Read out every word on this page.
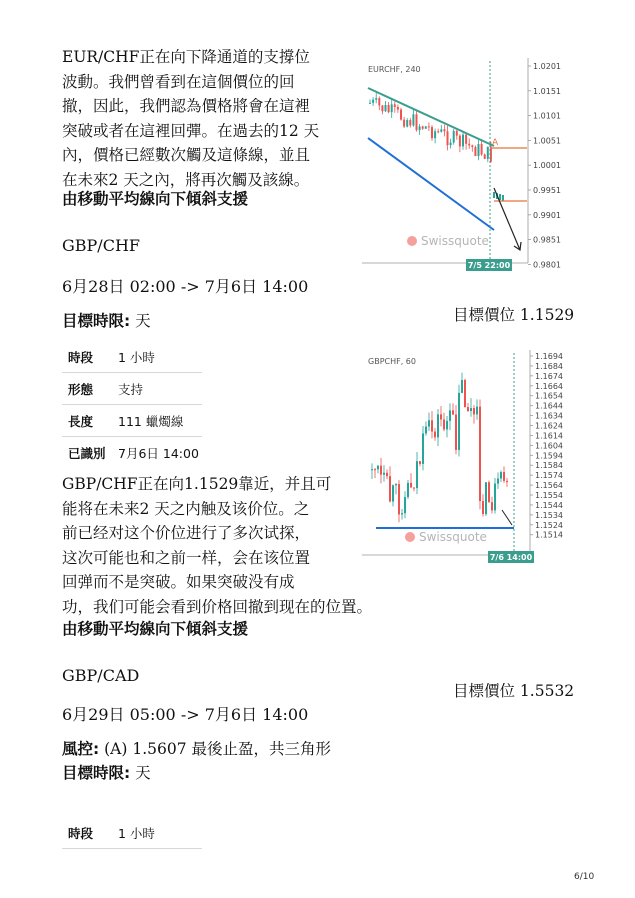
EUR/CHF正在向下降通道的支撐位
波動。我們曾看到在這個價位的回
撤，因此，我們認為價格將會在這裡
突破或者在這裡回彈。在過去的12 天
內，價格已經數次觸及這條線，並且
在未來2 天之內，將再次觸及該線。
由移動平均線向下傾斜支援
A
EURCHF, 240	1.0201
1.0151
1.0101
1.0051
1.0001
0.9951
0.9901
0.9851
0.9801
Swissquote
7/5 22:00
GBP/CHF
6月28日 02:00 -> 7月6日 14:00
目標時限: 天	目標價位 1.1529
時段 1 小時
形態 支持
長度 111 蠟燭線
已識別 7月6日 14:00
GBP/CHF正在向1.1529靠近，并且可
能将在未来2 天之内触及该价位。之
前已经对这个价位进行了多次试探，
这次可能也和之前一样，会在该位置
回弹而不是突破。如果突破没有成
功，我们可能会看到价格回撤到现在的位置。
由移動平均線向下傾斜支援
GBPCHF, 60
1.1694
1.1684
1.1674
1.1664
1.1654
1.1644
1.1634
1.1624
1.1614
1.1604
1.1594
1.1584
1.1574
1.1564
1.1554
1.1544
1.1534
1.1524
1.1514
Swissquote
7/6 14:00
GBP/CAD
目標價位 1.5532
6月29日 05:00 -> 7月6日 14:00
風控: (A) 1.5607 最後止盈，共三角形
目標時限: 天
時段 1 小時
6/10
